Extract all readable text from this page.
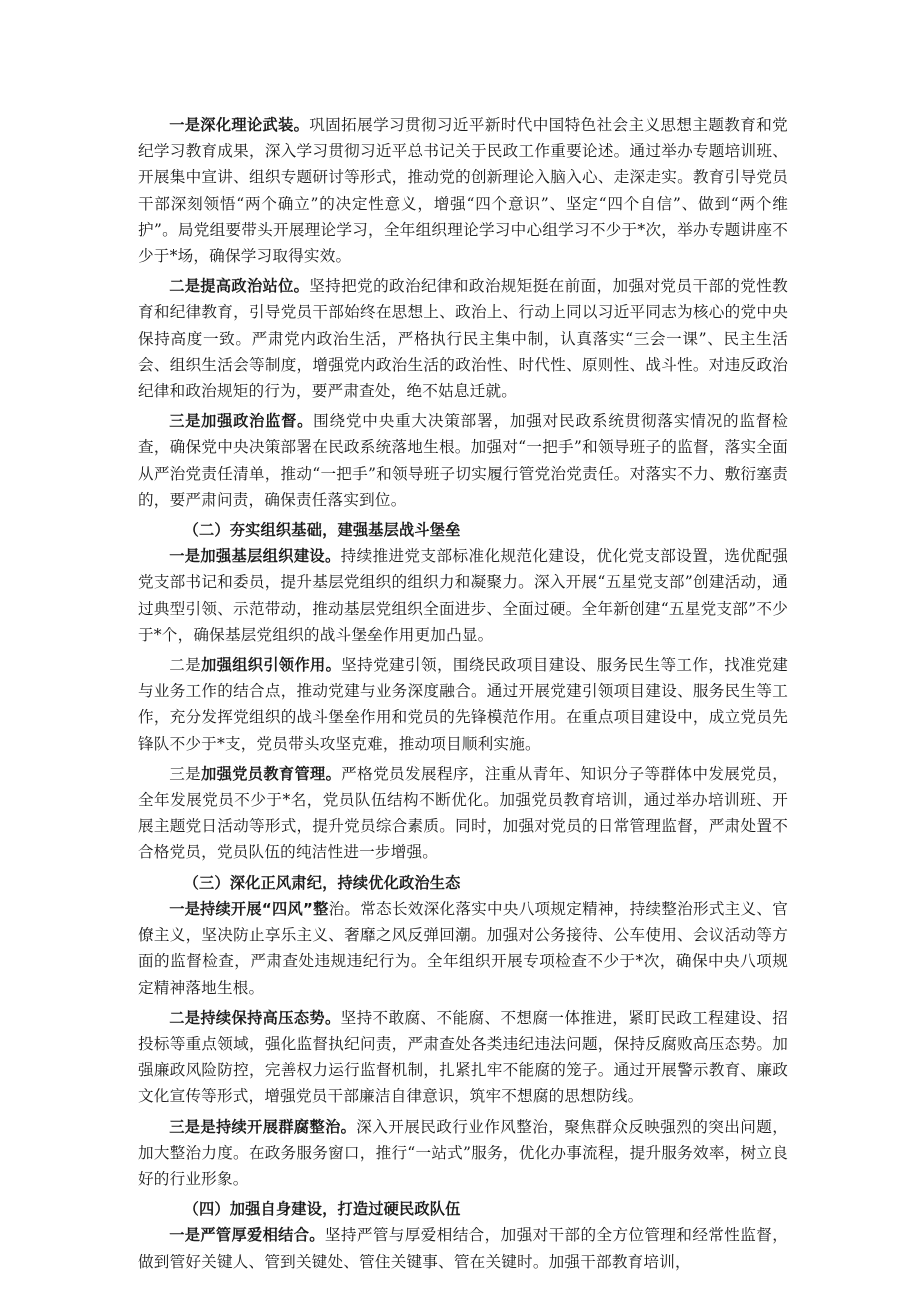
一是深化理论武装。巩固拓展学习贯彻习近平新时代中国特色社会主义思想主题教育和党纪学习教育成果，深入学习贯彻习近平总书记关于民政工作重要论述。通过举办专题培训班、开展集中宣讲、组织专题研讨等形式，推动党的创新理论入脑入心、走深走实。教育引导党员干部深刻领悟“两个确立”的决定性意义，增强“四个意识”、坚定“四个自信”、做到“两个维护”。局党组要带头开展理论学习，全年组织理论学习中心组学习不少于*次，举办专题讲座不少于*场，确保学习取得实效。

二是提高政治站位。坚持把党的政治纪律和政治规矩挺在前面，加强对党员干部的党性教育和纪律教育，引导党员干部始终在思想上、政治上、行动上同以习近平同志为核心的党中央保持高度一致。严肃党内政治生活，严格执行民主集中制，认真落实“三会一课”、民主生活会、组织生活会等制度，增强党内政治生活的政治性、时代性、原则性、战斗性。对违反政治纪律和政治规矩的行为，要严肃查处，绝不姑息迁就。

三是加强政治监督。围绕党中央重大决策部署，加强对民政系统贯彻落实情况的监督检查，确保党中央决策部署在民政系统落地生根。加强对“一把手”和领导班子的监督，落实全面从严治党责任清单，推动“一把手”和领导班子切实履行管党治党责任。对落实不力、敷衍塞责的，要严肃问责，确保责任落实到位。

（二）夯实组织基础，建强基层战斗堡垒

一是加强基层组织建设。持续推进党支部标准化规范化建设，优化党支部设置，选优配强党支部书记和委员，提升基层党组织的组织力和凝聚力。深入开展“五星党支部”创建活动，通过典型引领、示范带动，推动基层党组织全面进步、全面过硬。全年新创建“五星党支部”不少于*个，确保基层党组织的战斗堡垒作用更加凸显。

二是加强组织引领作用。坚持党建引领，围绕民政项目建设、服务民生等工作，找准党建与业务工作的结合点，推动党建与业务深度融合。通过开展党建引领项目建设、服务民生等工作，充分发挥党组织的战斗堡垒作用和党员的先锋模范作用。在重点项目建设中，成立党员先锋队不少于*支，党员带头攻坚克难，推动项目顺利实施。

三是加强党员教育管理。严格党员发展程序，注重从青年、知识分子等群体中发展党员，全年发展党员不少于*名，党员队伍结构不断优化。加强党员教育培训，通过举办培训班、开展主题党日活动等形式，提升党员综合素质。同时，加强对党员的日常管理监督，严肃处置不合格党员，党员队伍的纯洁性进一步增强。

（三）深化正风肃纪，持续优化政治生态

一是持续开展“四风”整治。常态长效深化落实中央八项规定精神，持续整治形式主义、官僚主义，坚决防止享乐主义、奢靡之风反弹回潮。加强对公务接待、公车使用、会议活动等方面的监督检查，严肃查处违规违纪行为。全年组织开展专项检查不少于*次，确保中央八项规定精神落地生根。

二是持续保持高压态势。坚持不敢腐、不能腐、不想腐一体推进，紧盯民政工程建设、招投标等重点领域，强化监督执纪问责，严肃查处各类违纪违法问题，保持反腐败高压态势。加强廉政风险防控，完善权力运行监督机制，扎紧扎牢不能腐的笼子。通过开展警示教育、廉政文化宣传等形式，增强党员干部廉洁自律意识，筑牢不想腐的思想防线。

三是是持续开展群腐整治。深入开展民政行业作风整治，聚焦群众反映强烈的突出问题，加大整治力度。在政务服务窗口，推行“一站式”服务，优化办事流程，提升服务效率，树立良好的行业形象。

（四）加强自身建设，打造过硬民政队伍

一是严管厚爱相结合。坚持严管与厚爱相结合，加强对干部的全方位管理和经常性监督，做到管好关键人、管到关键处、管住关键事、管在关键时。加强干部教育培训，
